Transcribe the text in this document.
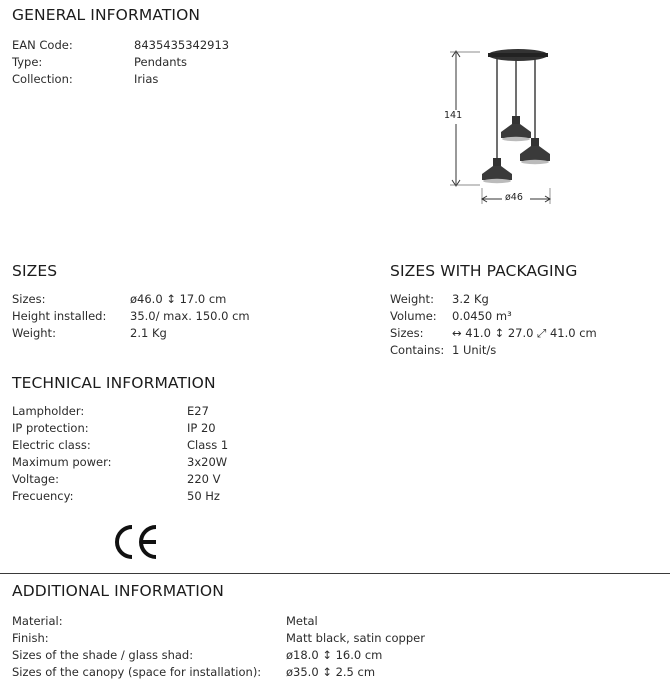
GENERAL INFORMATION
EAN Code:	8435435342913
Type:	Pendants
Collection:	Irias
141
ø46
SIZES
Sizes:	ø46.0 ↕ 17.0 cm
Height installed: 35.0/ max. 150.0 cm
Weight:	2.1 Kg
SIZES WITH PACKAGING
Weight: 3.2 Kg
Volume: 0.0450 m³
Sizes: ↔ 41.0 ↕ 27.0 ⤢ 41.0 cm
Contains: 1 Unit/s
TECHNICAL INFORMATION
Lampholder:	E27
IP protection:	IP 20
Electric class:	Class 1
Maximum power:	3x20W
Voltage:	220 V
Frecuency:	50 Hz
ADDITIONAL INFORMATION
Material:	Metal
Finish:	Matt black, satin copper
Sizes of the shade / glass shad:	ø18.0 ↕ 16.0 cm
Sizes of the canopy (space for installation): ø35.0 ↕ 2.5 cm
